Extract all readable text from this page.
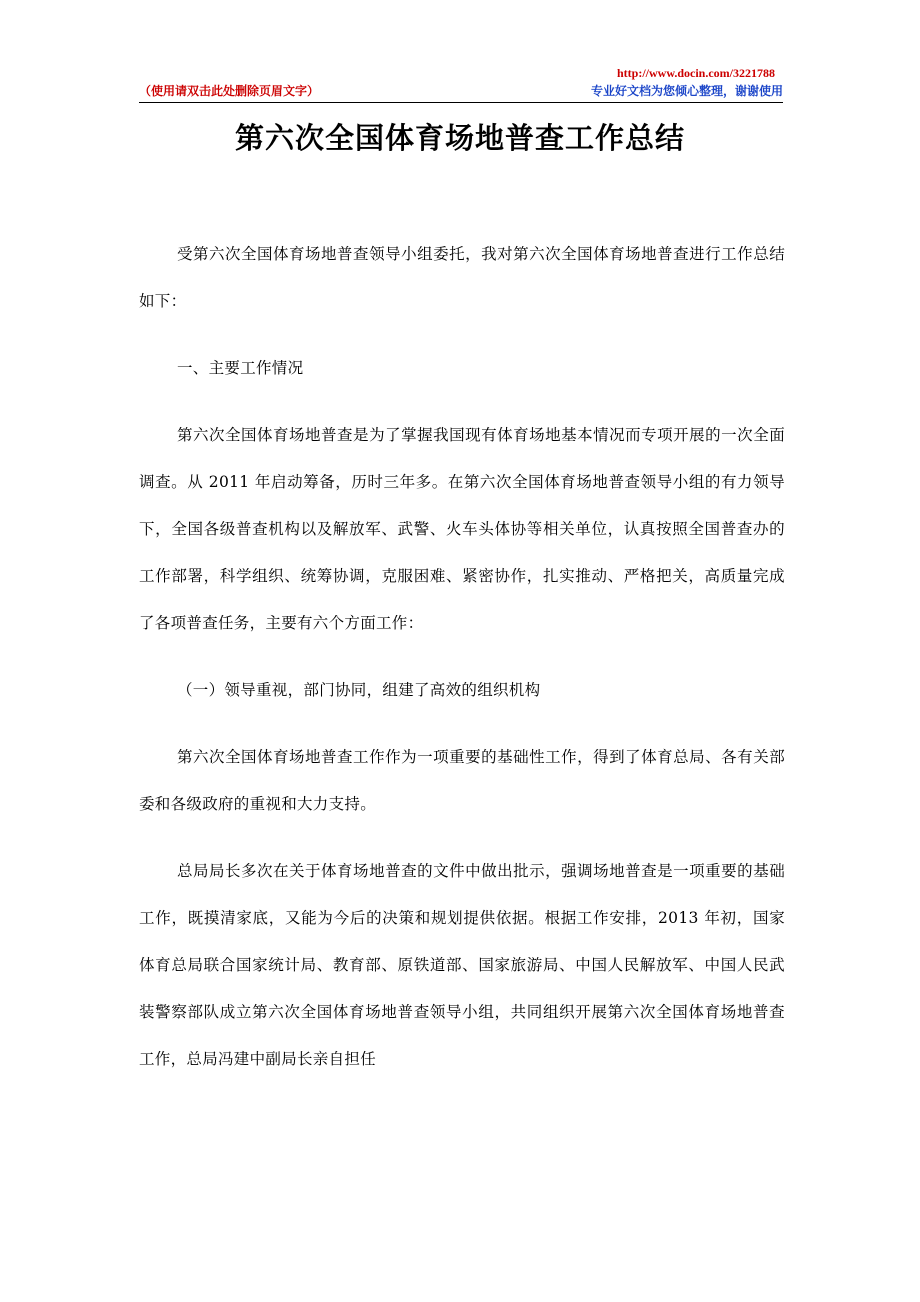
（使用请双击此处删除页眉文字）
http://www.docin.com/3221788
专业好文档为您倾心整理，谢谢使用
第六次全国体育场地普查工作总结

受第六次全国体育场地普查领导小组委托，我对第六次全国体育场地普查进行工作总结如下：

一、主要工作情况

第六次全国体育场地普查是为了掌握我国现有体育场地基本情况而专项开展的一次全面调查。从 2011 年启动筹备，历时三年多。在第六次全国体育场地普查领导小组的有力领导下，全国各级普查机构以及解放军、武警、火车头体协等相关单位，认真按照全国普查办的工作部署，科学组织、统筹协调，克服困难、紧密协作，扎实推动、严格把关，高质量完成了各项普查任务，主要有六个方面工作：

（一）领导重视，部门协同，组建了高效的组织机构

第六次全国体育场地普查工作作为一项重要的基础性工作，得到了体育总局、各有关部委和各级政府的重视和大力支持。

总局局长多次在关于体育场地普查的文件中做出批示，强调场地普查是一项重要的基础工作，既摸清家底，又能为今后的决策和规划提供依据。根据工作安排，2013 年初，国家体育总局联合国家统计局、教育部、原铁道部、国家旅游局、中国人民解放军、中国人民武装警察部队成立第六次全国体育场地普查领导小组，共同组织开展第六次全国体育场地普查工作，总局冯建中副局长亲自担任
